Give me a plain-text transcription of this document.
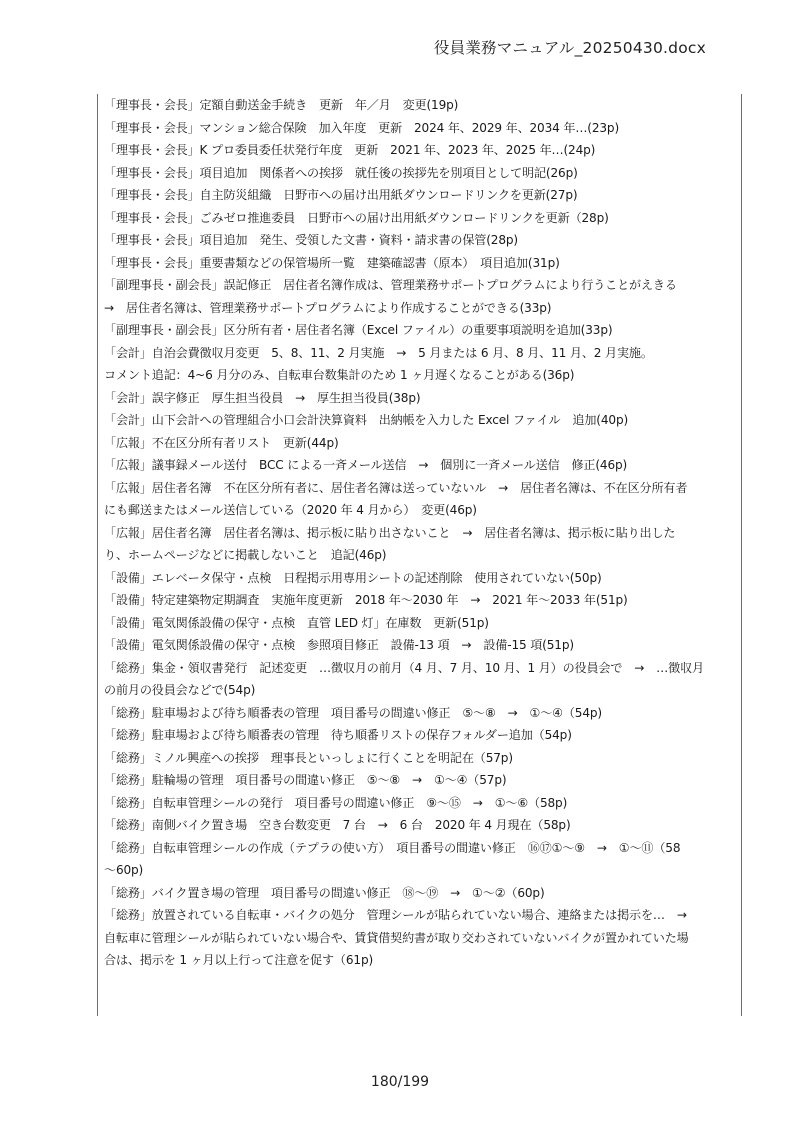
役員業務マニュアル_20250430.docx
「理事長・会長」定額自動送金手続き　更新　年／月　変更(19p)
「理事長・会長」マンション総合保険　加入年度　更新　2024 年、2029 年、2034 年…(23p)
「理事長・会長」K プロ委員委任状発行年度　更新　2021 年、2023 年、2025 年…(24p)
「理事長・会長」項目追加　関係者への挨拶　就任後の挨拶先を別項目として明記(26p)
「理事長・会長」自主防災組織　日野市への届け出用紙ダウンロードリンクを更新(27p)
「理事長・会長」ごみゼロ推進委員　日野市への届け出用紙ダウンロードリンクを更新（28p)
「理事長・会長」項目追加　発生、受領した文書・資料・請求書の保管(28p)
「理事長・会長」重要書類などの保管場所一覧　建築確認書（原本）　項目追加(31p)
「副理事長・副会長」誤記修正　居住者名簿作成は、管理業務サポートプログラムにより行うことがえきる
→　居住者名簿は、管理業務サポートプログラムにより作成することができる(33p)
「副理事長・副会長」区分所有者・居住者名簿（Excel ファイル）の重要事項説明を追加(33p)
「会計」自治会費徴収月変更　5、8、11、2 月実施　→　5 月または 6 月、8 月、11 月、2 月実施。
コメント追記：4~6 月分のみ、自転車台数集計のため 1 ヶ月遅くなることがある(36p)
「会計」誤字修正　厚生担当役員　→　厚生担当役員(38p)
「会計」山下会計への管理組合小口会計決算資料　出納帳を入力した Excel ファイル　追加(40p)
「広報」不在区分所有者リスト　更新(44p)
「広報」議事録メール送付　BCC による一斉メール送信　→　個別に一斉メール送信　修正(46p)
「広報」居住者名簿　不在区分所有者に、居住者名簿は送っていないル　→　居住者名簿は、不在区分所有者
にも郵送またはメール送信している（2020 年 4 月から）　変更(46p)
「広報」居住者名簿　居住者名簿は、掲示板に貼り出さないこと　→　居住者名簿は、掲示板に貼り出した
り、ホームページなどに掲載しないこと　追記(46p)
「設備」エレベータ保守・点検　日程掲示用専用シートの記述削除　使用されていない(50p)
「設備」特定建築物定期調査　実施年度更新　2018 年～2030 年　→　2021 年～2033 年(51p)
「設備」電気関係設備の保守・点検　直管 LED 灯」在庫数　更新(51p)
「設備」電気関係設備の保守・点検　参照項目修正　設備-13 項　→　設備-15 項(51p)
「総務」集金・領収書発行　記述変更　…徴収月の前月（4 月、7 月、10 月、1 月）の役員会で　→　…徴収月
の前月の役員会などで(54p)
「総務」駐車場および待ち順番表の管理　項目番号の間違い修正　⑤～⑧　→　①～④（54p)
「総務」駐車場および待ち順番表の管理　待ち順番リストの保存フォルダー追加（54p)
「総務」ミノル興産への挨拶　理事長といっしょに行くことを明記在（57p)
「総務」駐輪場の管理　項目番号の間違い修正　⑤～⑧　→　①～④（57p)
「総務」自転車管理シールの発行　項目番号の間違い修正　⑨～⑮　→　①～⑥（58p)
「総務」南側バイク置き場　空き台数変更　7 台　→　6 台　2020 年 4 月現在（58p)
「総務」自転車管理シールの作成（テプラの使い方）　項目番号の間違い修正　⑯⑰①～⑨　→　①～⑪（58
～60p)
「総務」バイク置き場の管理　項目番号の間違い修正　⑱～⑲　→　①～②（60p)
「総務」放置されている自転車・バイクの処分　管理シールが貼られていない場合、連絡または掲示を…　→
自転車に管理シールが貼られていない場合や、賃貸借契約書が取り交わされていないバイクが置かれていた場
合は、掲示を 1 ヶ月以上行って注意を促す（61p)
180/199
